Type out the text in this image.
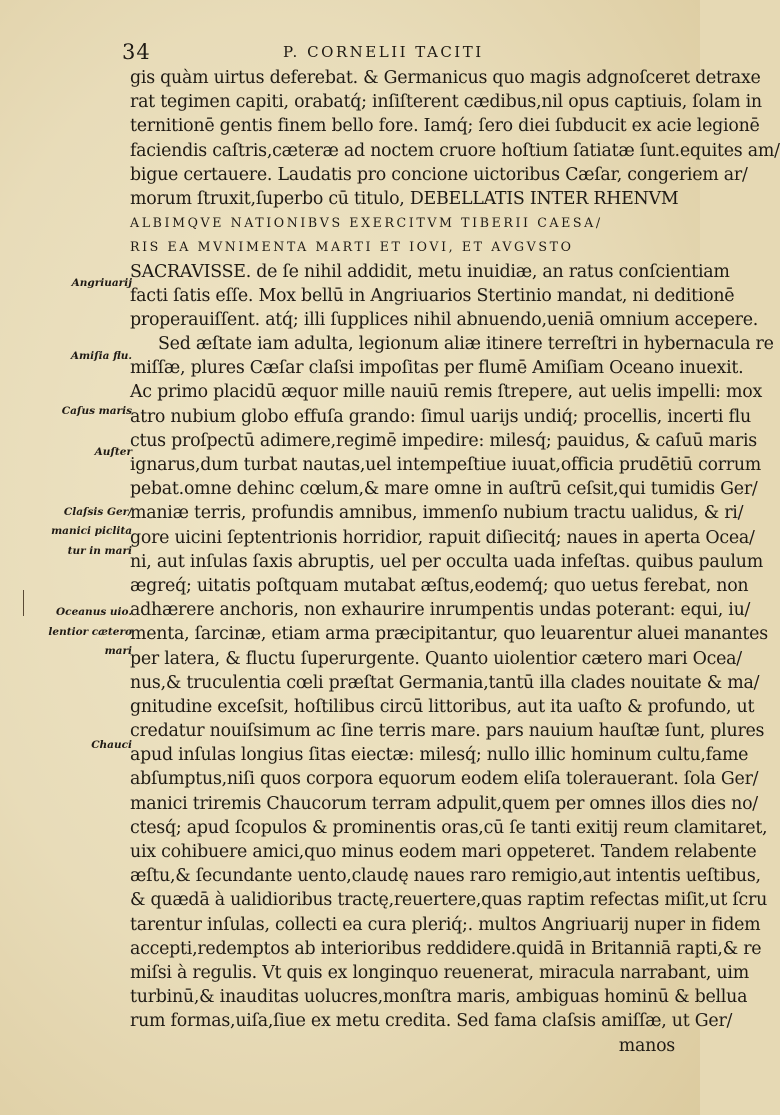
34	P. CORNELII TACITI
Angriuarij
Amiſia flu.
Caſus maris
Auſter
Claſsis Ger/
manici piclita
tur in mari
Oceanus uio.
lentior cætero
mari
Chauci
gis quàm uirtus deferebat. & Germanicus quo magis adgnoſceret detraxe
rat tegimen capiti, orabatq́; inſiſterent cædibus,nil opus captiuis, ſolam in
ternitionē gentis finem bello fore. Iamq́; ſero diei ſubducit ex acie legionē
faciendis caſtris,cæteræ ad noctem cruore hoſtium ſatiatæ ſunt.equites am/
bigue certauere. Laudatis pro concione uictoribus Cæſar, congeriem ar/
morum ſtruxit,ſuperbo cū titulo, DEBELLATIS INTER RHENVM
ALBIMQVE NATIONIBVS EXERCITVM TIBERII CAESA/
RIS EA MVNIMENTA MARTI ET IOVI, ET AVGVSTO
SACRAVISSE. de ſe nihil addidit, metu inuidiæ, an ratus conſcientiam
facti ſatis eſſe. Mox bellū in Angriuarios Stertinio mandat, ni deditionē
properauiſſent. atq́; illi ſupplices nihil abnuendo,ueniā omnium accepere.
Sed æſtate iam adulta, legionum aliæ itinere terreſtri in hybernacula re
miſſæ, plures Cæſar claſsi impoſitas per flumē Amiſiam Oceano inuexit.
Ac primo placidū æquor mille nauiū remis ſtrepere, aut uelis impelli: mox
atro nubium globo effuſa grando: ſimul uarijs undiq́; procellis, incerti flu
ctus proſpectū adimere,regimē impedire: milesq́; pauidus, & caſuū maris
ignarus,dum turbat nautas,uel intempeſtiue iuuat,officia prudētiū corrum
pebat.omne dehinc cœlum,& mare omne in auſtrū ceſsit,qui tumidis Ger/
maniæ terris, profundis amnibus, immenſo nubium tractu ualidus, & ri/
gore uicini ſeptentrionis horridior, rapuit diſiecitq́; naues in aperta Ocea/
ni, aut inſulas ſaxis abruptis, uel per occulta uada infeſtas. quibus paulum
ægreq́; uitatis poſtquam mutabat æſtus,eodemq́; quo uetus ferebat, non
adhærere anchoris, non exhaurire inrumpentis undas poterant: equi, iu/
menta, ſarcinæ, etiam arma præcipitantur, quo leuarentur aluei manantes
per latera, & fluctu ſuperurgente. Quanto uiolentior cætero mari Ocea/
nus,& truculentia cœli præſtat Germania,tantū illa clades nouitate & ma/
gnitudine exceſsit, hoſtilibus circū littoribus, aut ita uaſto & profundo, ut
credatur nouiſsimum ac ſine terris mare. pars nauium hauſtæ ſunt, plures
apud inſulas longius ſitas eiectæ: milesq́; nullo illic hominum cultu,fame
abſumptus,niſi quos corpora equorum eodem eliſa tolerauerant. ſola Ger/
manici triremis Chaucorum terram adpulit,quem per omnes illos dies no/
ctesq́; apud ſcopulos & prominentis oras,cū ſe tanti exitij reum clamitaret,
uix cohibuere amici,quo minus eodem mari oppeteret. Tandem relabente
æſtu,& ſecundante uento,claudę naues raro remigio,aut intentis ueſtibus,
& quædā à ualidioribus tractę,reuertere,quas raptim refectas miſit,ut ſcru
tarentur inſulas, collecti ea cura pleriq́;. multos Angriuarij nuper in fidem
accepti,redemptos ab interioribus reddidere.quidā in Britanniā rapti,& re
miſsi à regulis. Vt quis ex longinquo reuenerat, miracula narrabant, uim
turbinū,& inauditas uolucres,monſtra maris, ambiguas hominū & bellua
rum formas,uiſa,ſiue ex metu credita. Sed fama claſsis amiſſæ, ut Ger/
manos
